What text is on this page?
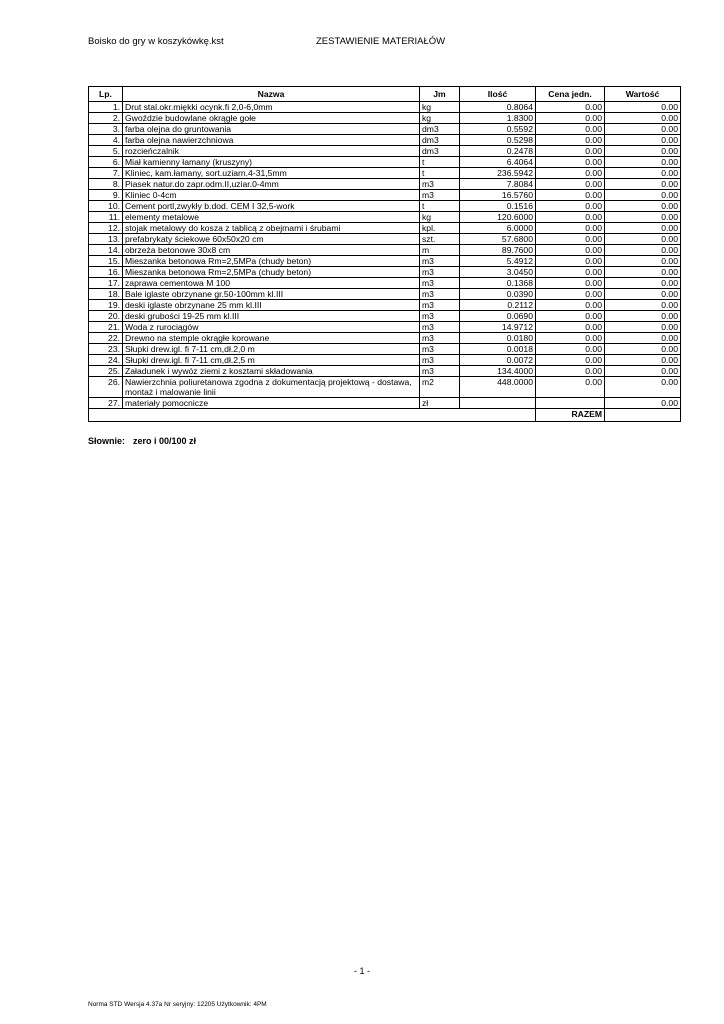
Boisko do gry w koszykówkę.kst	ZESTAWIENIE MATERIAŁÓW
Lp.	Nazwa	Jm	Ilość	Cena jedn.	Wartość
1.	Drut stal.okr.miękki ocynk.fi 2,0-6,0mm	kg	0.8064	0.00	0.00
2.	Gwoździe budowlane okrągłe gołe	kg	1.8300	0.00	0.00
3.	farba olejna do gruntowania	dm3	0.5592	0.00	0.00
4.	farba olejna nawierzchniowa	dm3	0.5298	0.00	0.00
5.	rozcieńczalnik	dm3	0.2478	0.00	0.00
6.	Miał kamienny łamany (kruszyny)	t	6.4064	0.00	0.00
7.	Kliniec, kam.łamany, sort.uziarn.4-31,5mm	t	236.5942	0.00	0.00
8.	Piasek natur.do zapr.odm.II,uziar.0-4mm	m3	7.8084	0.00	0.00
9.	Kliniec 0-4cm	m3	16.5760	0.00	0.00
10.	Cement portl,zwykły b.dod. CEM I 32,5-work	t	0.1516	0.00	0.00
11.	elementy metalowe	kg	120.6000	0.00	0.00
12.	stojak metalowy do kosza z tablicą z obejmami i śrubami	kpl.	6.0000	0.00	0.00
13.	prefabrykaty ściekowe 60x50x20 cm	szt.	57.6800	0.00	0.00
14.	obrzeża betonowe 30x8 cm	m	89.7600	0.00	0.00
15.	Mieszanka betonowa Rm=2,5MPa (chudy beton)	m3	5.4912	0.00	0.00
16.	Mieszanka betonowa Rm=2,5MPa (chudy beton)	m3	3.0450	0.00	0.00
17.	zaprawa cementowa M 100	m3	0.1368	0.00	0.00
18.	Bale iglaste obrzynane gr.50-100mm kl.III	m3	0.0390	0.00	0.00
19.	deski iglaste obrzynane 25 mm kl.III	m3	0.2112	0.00	0.00
20.	deski grubości 19-25 mm kl.III	m3	0.0690	0.00	0.00
21.	Woda z rurociągów	m3	14.9712	0.00	0.00
22.	Drewno na stemple okrągłe korowane	m3	0.0180	0.00	0.00
23.	Słupki drew.igl. fi 7-11 cm,dł.2,0 m	m3	0.0018	0.00	0.00
24.	Słupki drew.igl. fi 7-11 cm,dł.2,5 m	m3	0.0072	0.00	0.00
25.	Załadunek i wywóz ziemi z kosztami składowania	m3	134.4000	0.00	0.00
26.	Nawierzchnia poliuretanowa zgodna z dokumentacją projektową - dostawa, montaż i malowanie linii	m2	448.0000	0.00	0.00
27.	materiały pomocnicze	zł			0.00
				RAZEM	
Słownie: zero i 00/100 zł
- 1 -
Norma STD Wersja 4.37a Nr seryjny: 12205 Użytkownik: 4PM
